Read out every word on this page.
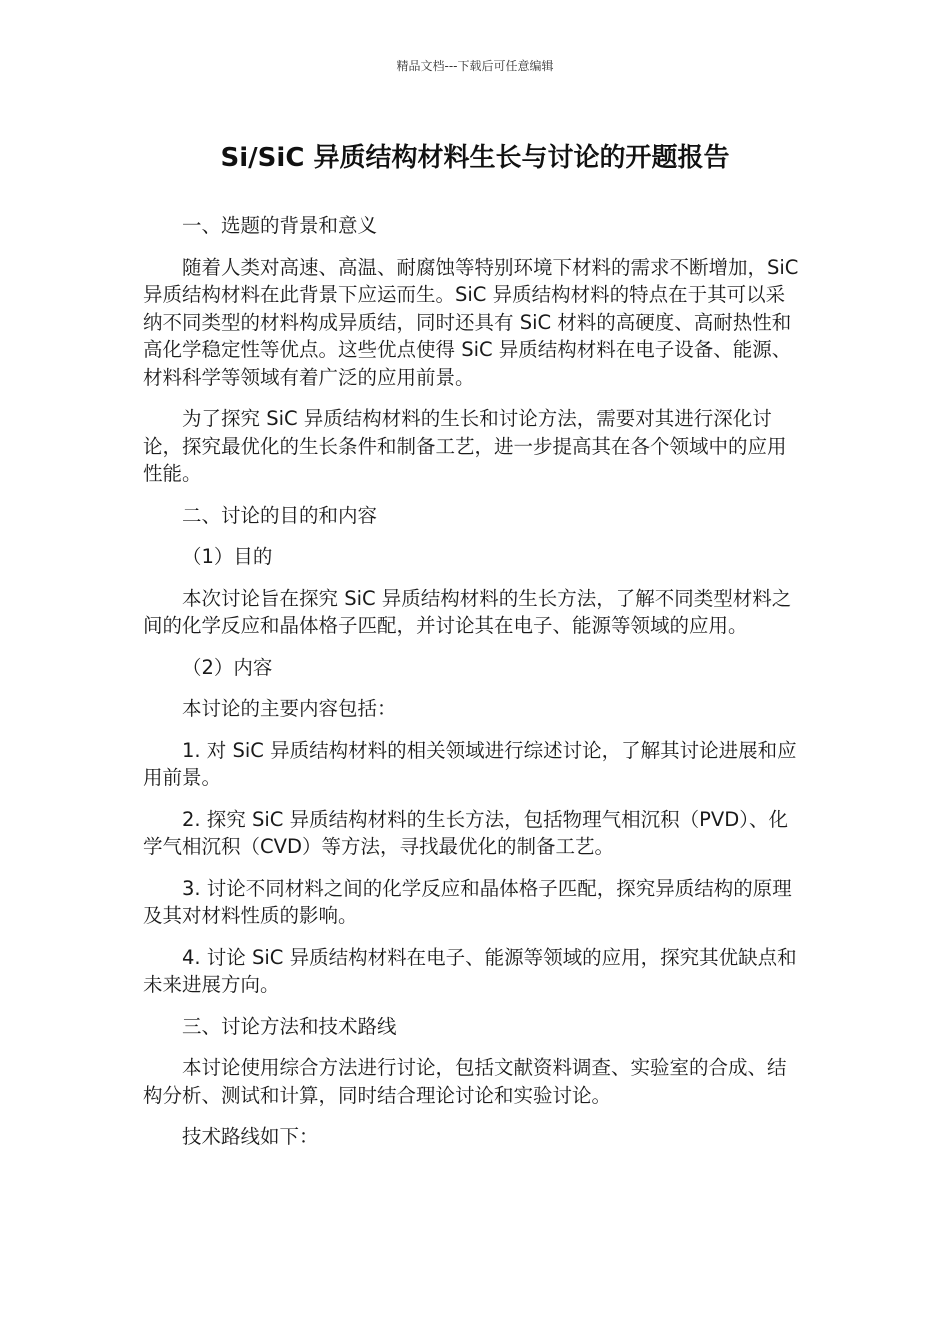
精品文档---下载后可任意编辑
Si/SiC 异质结构材料生长与讨论的开题报告

一、选题的背景和意义

随着人类对高速、高温、耐腐蚀等特别环境下材料的需求不断增加，SiC 异质结构材料在此背景下应运而生。SiC 异质结构材料的特点在于其可以采纳不同类型的材料构成异质结，同时还具有 SiC 材料的高硬度、高耐热性和高化学稳定性等优点。这些优点使得 SiC 异质结构材料在电子设备、能源、材料科学等领域有着广泛的应用前景。

为了探究 SiC 异质结构材料的生长和讨论方法，需要对其进行深化讨论，探究最优化的生长条件和制备工艺，进一步提高其在各个领域中的应用性能。

二、讨论的目的和内容

（1）目的

本次讨论旨在探究 SiC 异质结构材料的生长方法，了解不同类型材料之间的化学反应和晶体格子匹配，并讨论其在电子、能源等领域的应用。

（2）内容

本讨论的主要内容包括：

1. 对 SiC 异质结构材料的相关领域进行综述讨论，了解其讨论进展和应用前景。

2. 探究 SiC 异质结构材料的生长方法，包括物理气相沉积（PVD）、化学气相沉积（CVD）等方法，寻找最优化的制备工艺。

3. 讨论不同材料之间的化学反应和晶体格子匹配，探究异质结构的原理及其对材料性质的影响。

4. 讨论 SiC 异质结构材料在电子、能源等领域的应用，探究其优缺点和未来进展方向。

三、讨论方法和技术路线

本讨论使用综合方法进行讨论，包括文献资料调查、实验室的合成、结构分析、测试和计算，同时结合理论讨论和实验讨论。

技术路线如下：
